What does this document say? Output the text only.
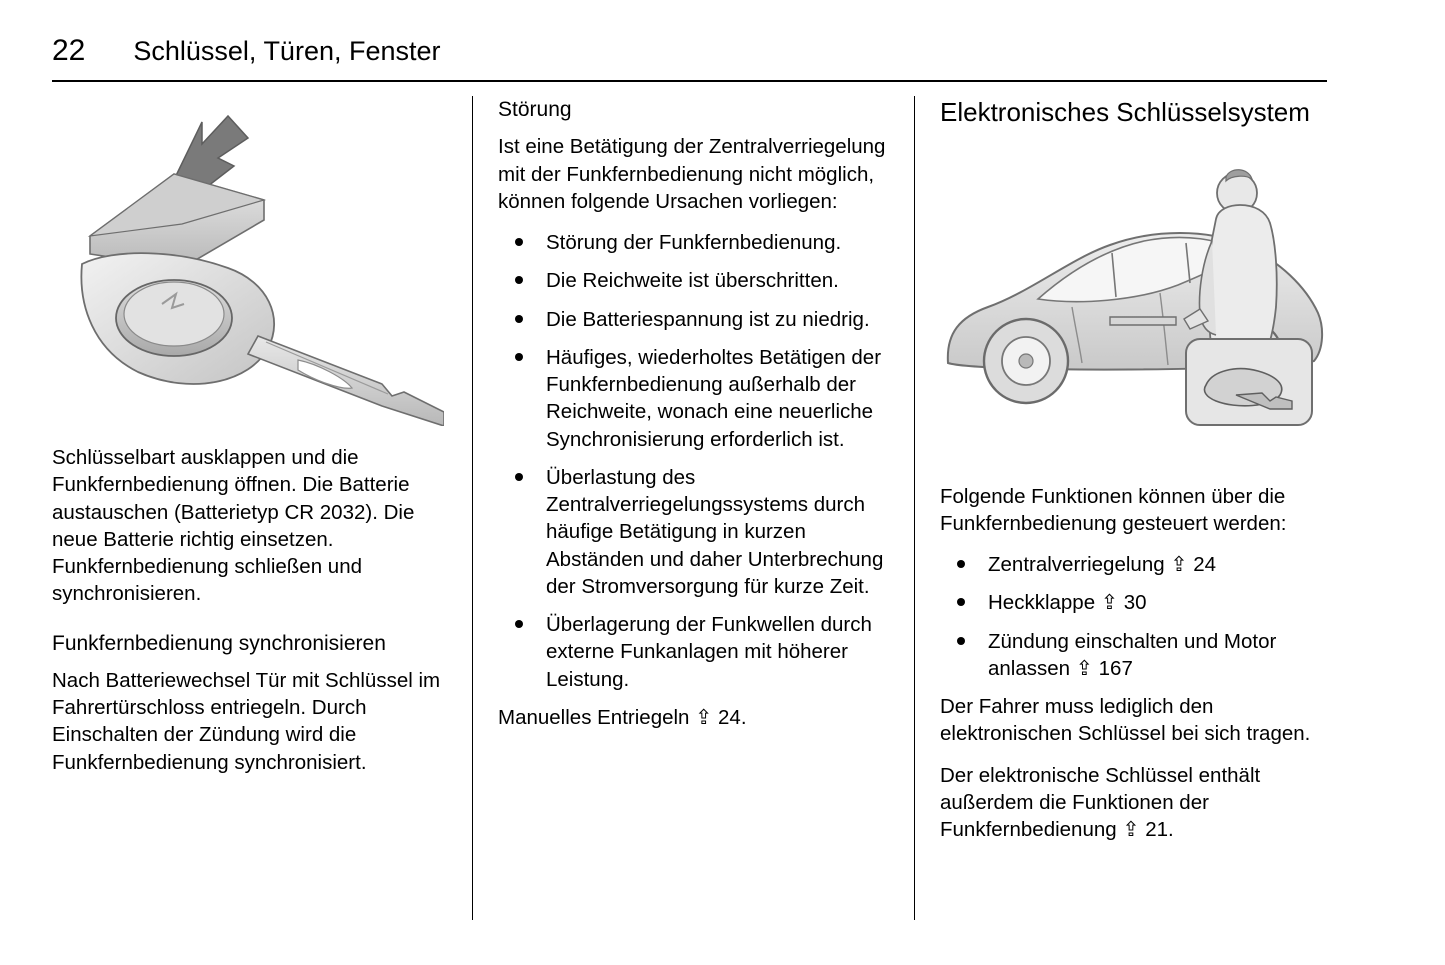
22 Schlüssel, Türen, Fenster

Schlüsselbart ausklappen und die Funkfernbedienung öffnen. Die Batterie austauschen (Batterietyp CR 2032). Die neue Batterie richtig einsetzen. Funkfernbedienung schließen und synchronisieren.

Funkfernbedienung synchronisieren

Nach Batteriewechsel Tür mit Schlüssel im Fahrertürschloss entriegeln. Durch Einschalten der Zündung wird die Funkfernbedienung synchronisiert.

Störung

Ist eine Betätigung der Zentralverriegelung mit der Funkfernbedienung nicht möglich, können folgende Ursachen vorliegen:

Störung der Funkfernbedienung.
Die Reichweite ist überschritten.
Die Batteriespannung ist zu niedrig.
Häufiges, wiederholtes Betätigen der Funkfernbedienung außerhalb der Reichweite, wonach eine neuerliche Synchronisierung erforderlich ist.
Überlastung des Zentralverriegelungssystems durch häufige Betätigung in kurzen Abständen und daher Unterbrechung der Stromversorgung für kurze Zeit.
Überlagerung der Funkwellen durch externe Funkanlagen mit höherer Leistung.

Manuelles Entriegeln ⇪ 24.

Elektronisches Schlüsselsystem

Folgende Funktionen können über die Funkfernbedienung gesteuert werden:

Zentralverriegelung ⇪ 24
Heckklappe ⇪ 30
Zündung einschalten und Motor anlassen ⇪ 167

Der Fahrer muss lediglich den elektronischen Schlüssel bei sich tragen.

Der elektronische Schlüssel enthält außerdem die Funktionen der Funkfernbedienung ⇪ 21.
